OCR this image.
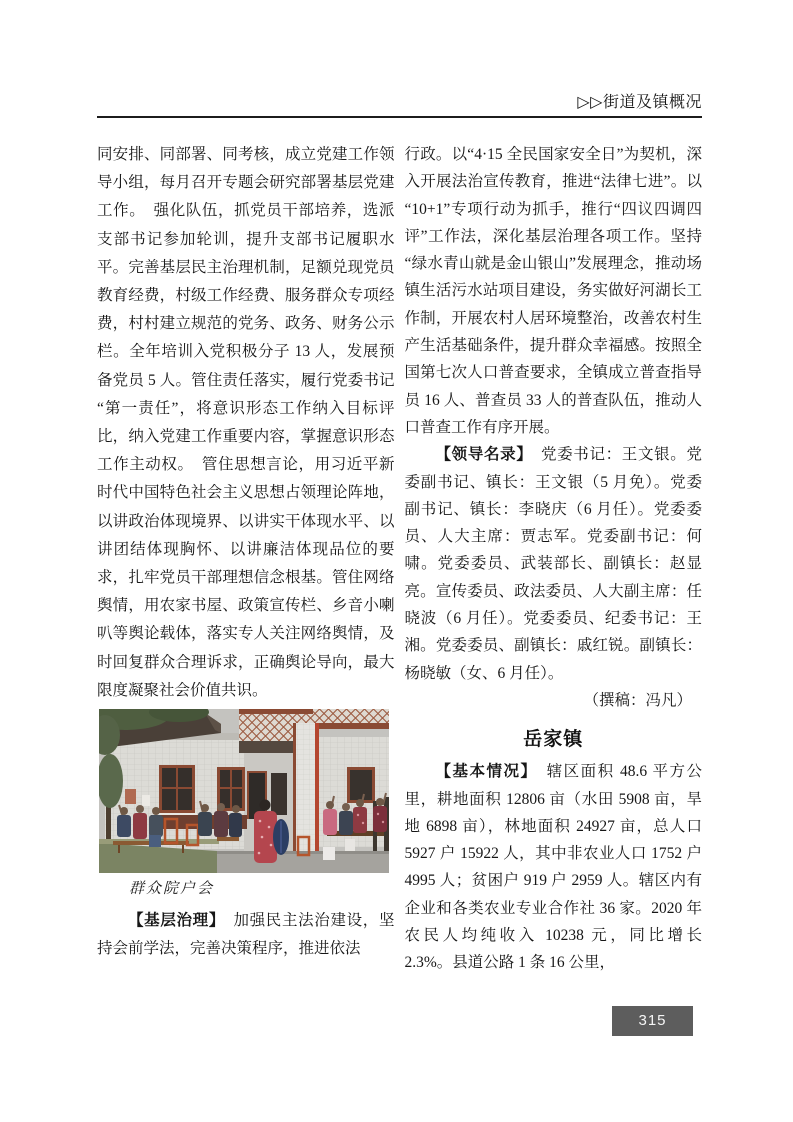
▷▷街道及镇概况

同安排、同部署、同考核，成立党建工作领导小组，每月召开专题会研究部署基层党建工作。 强化队伍，抓党员干部培养，选派支部书记参加轮训，提升支部书记履职水平。完善基层民主治理机制，足额兑现党员教育经费，村级工作经费、服务群众专项经费，村村建立规范的党务、政务、财务公示栏。全年培训入党积极分子 13 人，发展预备党员 5 人。管住责任落实，履行党委书记“第一责任”，将意识形态工作纳入目标评比，纳入党建工作重要内容，掌握意识形态工作主动权。 管住思想言论，用习近平新时代中国特色社会主义思想占领理论阵地，以讲政治体现境界、以讲实干体现水平、以讲团结体现胸怀、以讲廉洁体现品位的要求，扎牢党员干部理想信念根基。管住网络舆情，用农家书屋、政策宣传栏、乡音小喇叭等舆论载体，落实专人关注网络舆情，及时回复群众合理诉求，正确舆论导向，最大限度凝聚社会价值共识。

群众院户会

【基层治理】 加强民主法治建设，坚持会前学法，完善决策程序，推进依法

行政。以“4·15 全民国家安全日”为契机，深入开展法治宣传教育，推进“法律七进”。以“10+1”专项行动为抓手，推行“四议四调四评”工作法，深化基层治理各项工作。坚持“绿水青山就是金山银山”发展理念，推动场镇生活污水站项目建设，务实做好河湖长工作制，开展农村人居环境整治，改善农村生产生活基础条件，提升群众幸福感。按照全国第七次人口普查要求，全镇成立普查指导员 16 人、普查员 33 人的普查队伍，推动人口普查工作有序开展。

【领导名录】 党委书记：王文银。党委副书记、镇长：王文银（5 月免）。党委副书记、镇长：李晓庆（6 月任）。党委委员、人大主席：贾志军。党委副书记：何啸。党委委员、武装部长、副镇长：赵显亮。宣传委员、政法委员、人大副主席：任晓波（6 月任）。党委委员、纪委书记：王湘。党委委员、副镇长：戚红锐。副镇长：杨晓敏（女、6 月任）。

（撰稿：冯凡）

岳家镇

【基本情况】 辖区面积 48.6 平方公里，耕地面积 12806 亩（水田 5908 亩，旱地 6898 亩），林地面积 24927 亩，总人口 5927 户 15922 人，其中非农业人口 1752 户 4995 人；贫困户 919 户 2959 人。辖区内有企业和各类农业专业合作社 36 家。2020 年农民人均纯收入 10238 元，同比增长 2.3%。县道公路 1 条 16 公里，

315
